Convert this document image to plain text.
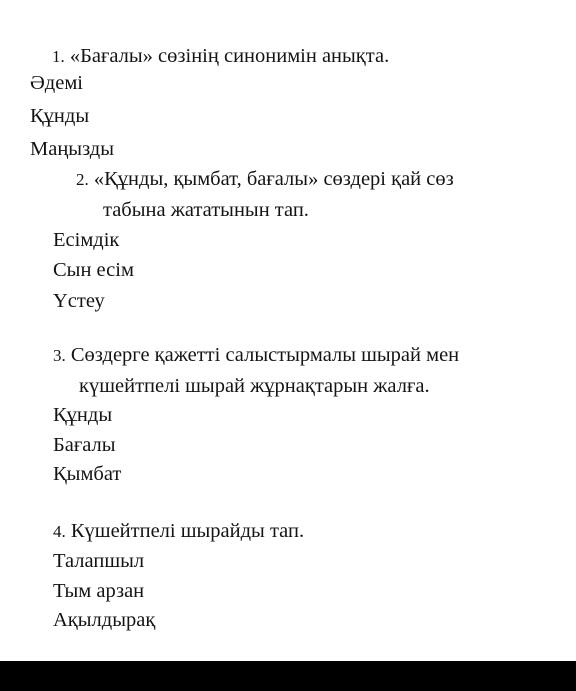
1. «Бағалы» сөзінің синонимін анықта.
Әдемі
Құнды
Маңызды
2. «Құнды, қымбат, бағалы» сөздері қай сөз
табына жататынын тап.
Есімдік
Сын есім
Үстеу
3. Сөздерге қажетті салыстырмалы шырай мен
күшейтпелі шырай жұрнақтарын жалға.
Құнды
Бағалы
Қымбат
4. Күшейтпелі шырайды тап.
Талапшыл
Тым арзан
Ақылдырақ
